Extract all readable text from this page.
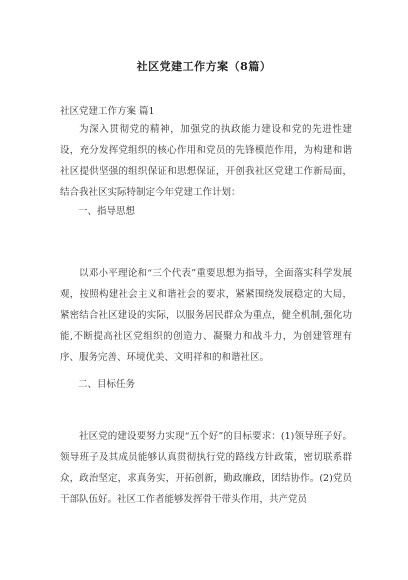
社区党建工作方案（8篇）
社区党建工作方案 篇1
为深入贯彻党的精神，加强党的执政能力建设和党的先进性建设，充分发挥党组织的核心作用和党员的先锋模范作用，为构建和谐社区提供坚强的组织保证和思想保证，开创我社区党建工作新局面，结合我社区实际特制定今年党建工作计划：
一、指导思想
以邓小平理论和“三个代表”重要思想为指导，全面落实科学发展观，按照构建社会主义和谐社会的要求，紧紧围绕发展稳定的大局，紧密结合社区建设的实际，以服务居民群众为重点，健全机制,强化功能,不断提高社区党组织的创造力、凝聚力和战斗力，为创建管理有序、服务完善、环境优美、文明祥和的和谐社区。
二、目标任务
社区党的建设要努力实现“五个好”的目标要求：(1)领导班子好。领导班子及其成员能够认真贯彻执行党的路线方针政策，密切联系群众，政治坚定，求真务实，开拓创新，勤政廉政，团结协作。(2)党员干部队伍好。社区工作者能够发挥骨干带头作用，共产党员
